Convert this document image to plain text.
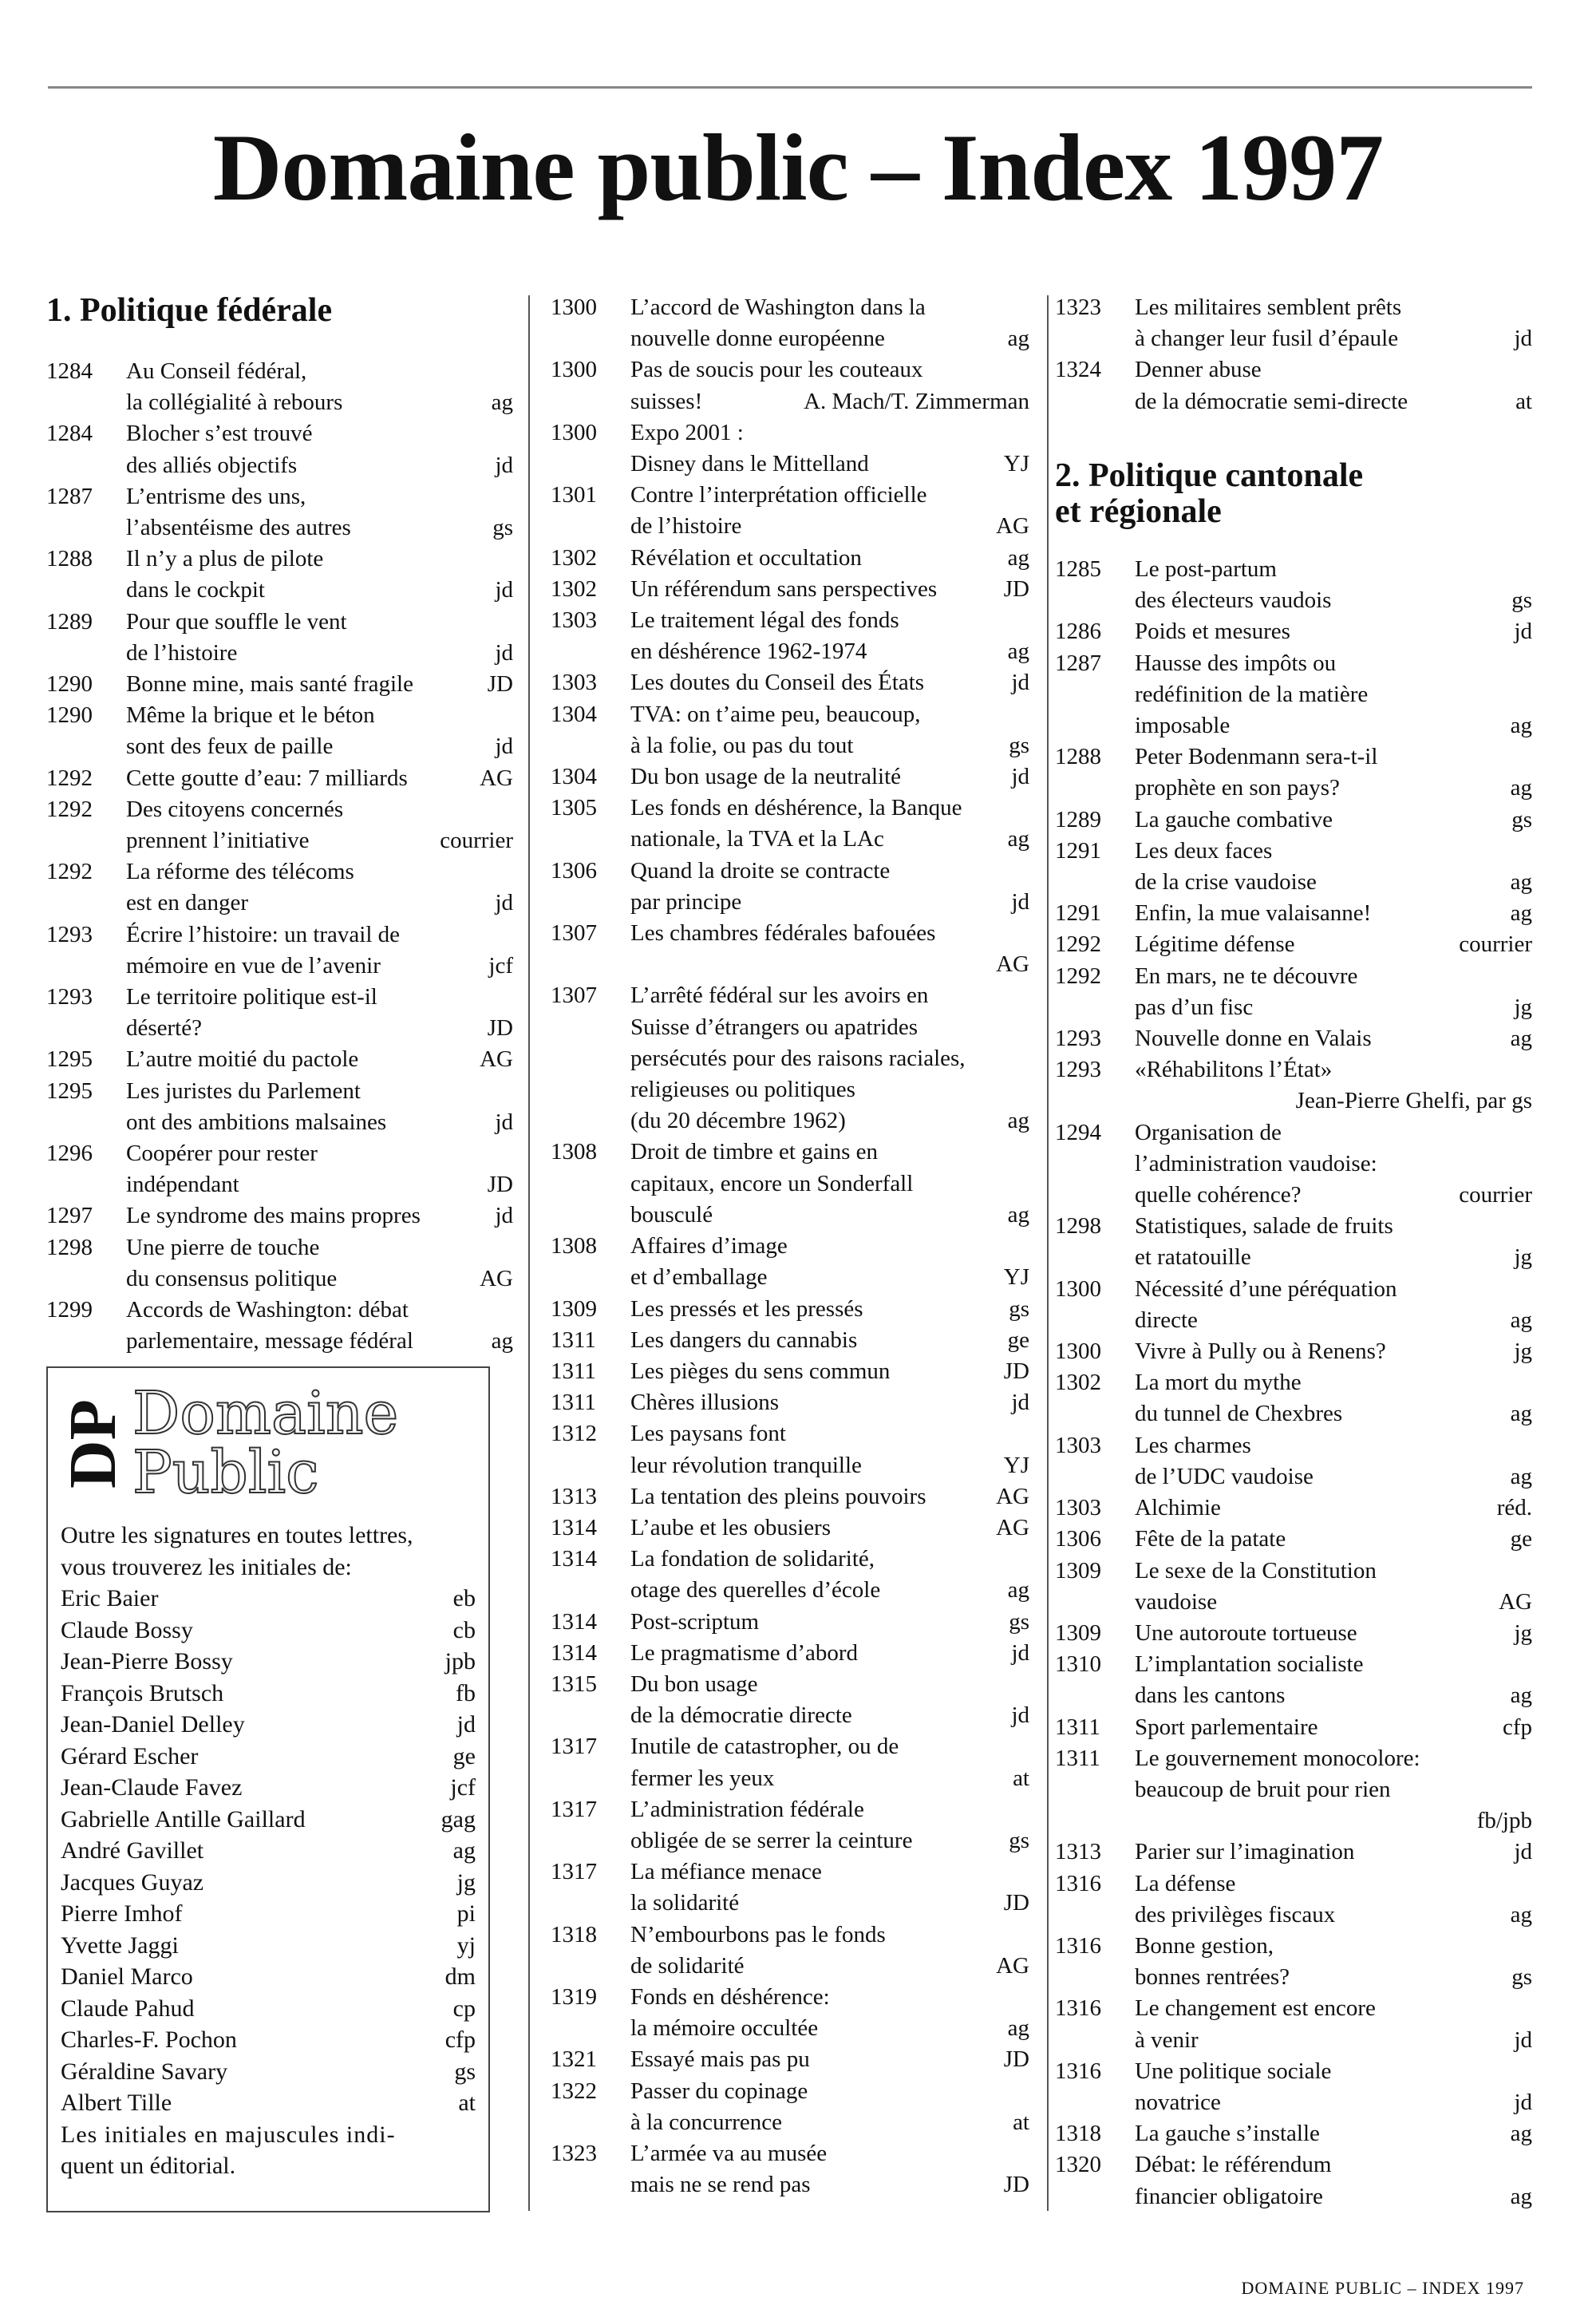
Domaine public – Index 1997
1. Politique fédérale
1284	Au Conseil fédéral,
la collégialité à rebours	ag
1284	Blocher s’est trouvé
des alliés objectifs	jd
1287	L’entrisme des uns,
l’absentéisme des autres	gs
1288	Il n’y a plus de pilote
dans le cockpit	jd
1289	Pour que souffle le vent
de l’histoire	jd
1290	Bonne mine, mais santé fragile	JD
1290	Même la brique et le béton
sont des feux de paille	jd
1292	Cette goutte d’eau: 7 milliards	AG
1292	Des citoyens concernés
prennent l’initiative	courrier
1292	La réforme des télécoms
est en danger	jd
1293	Écrire l’histoire: un travail de
mémoire en vue de l’avenir	jcf
1293	Le territoire politique est-il
déserté?	JD
1295	L’autre moitié du pactole	AG
1295	Les juristes du Parlement
ont des ambitions malsaines	jd
1296	Coopérer pour rester
indépendant	JD
1297	Le syndrome des mains propres	jd
1298	Une pierre de touche
du consensus politique	AG
1299	Accords de Washington: débat
parlementaire, message fédéral	ag
1300	L’accord de Washington dans la
nouvelle donne européenne	ag
1300	Pas de soucis pour les couteaux
suisses!	A. Mach/T. Zimmerman
1300	Expo 2001 :
Disney dans le Mittelland	YJ
1301	Contre l’interprétation officielle
de l’histoire	AG
1302	Révélation et occultation	ag
1302	Un référendum sans perspectives	JD
1303	Le traitement légal des fonds
en déshérence 1962-1974	ag
1303	Les doutes du Conseil des États	jd
1304	TVA: on t’aime peu, beaucoup,
à la folie, ou pas du tout	gs
1304	Du bon usage de la neutralité	jd
1305	Les fonds en déshérence, la Banque
nationale, la TVA et la LAc	ag
1306	Quand la droite se contracte
par principe	jd
1307	Les chambres fédérales bafouées
AG
1307	L’arrêté fédéral sur les avoirs en
Suisse d’étrangers ou apatrides
persécutés pour des raisons raciales,
religieuses ou politiques
(du 20 décembre 1962)	ag
1308	Droit de timbre et gains en
capitaux, encore un Sonderfall
bousculé	ag
1308	Affaires d’image
et d’emballage	YJ
1309	Les pressés et les pressés	gs
1311	Les dangers du cannabis	ge
1311	Les pièges du sens commun	JD
1311	Chères illusions	jd
1312	Les paysans font
leur révolution tranquille	YJ
1313	La tentation des pleins pouvoirs	AG
1314	L’aube et les obusiers	AG
1314	La fondation de solidarité,
otage des querelles d’école	ag
1314	Post-scriptum	gs
1314	Le pragmatisme d’abord	jd
1315	Du bon usage
de la démocratie directe	jd
1317	Inutile de catastropher, ou de
fermer les yeux	at
1317	L’administration fédérale
obligée de se serrer la ceinture	gs
1317	La méfiance menace
la solidarité	JD
1318	N’embourbons pas le fonds
de solidarité	AG
1319	Fonds en déshérence:
la mémoire occultée	ag
1321	Essayé mais pas pu	JD
1322	Passer du copinage
à la concurrence	at
1323	L’armée va au musée
mais ne se rend pas	JD
1323	Les militaires semblent prêts
à changer leur fusil d’épaule	jd
1324	Denner abuse
de la démocratie semi-directe	at
2. Politique cantonale
et régionale
1285	Le post-partum
des électeurs vaudois	gs
1286	Poids et mesures	jd
1287	Hausse des impôts ou
redéfinition de la matière
imposable	ag
1288	Peter Bodenmann sera-t-il
prophète en son pays?	ag
1289	La gauche combative	gs
1291	Les deux faces
de la crise vaudoise	ag
1291	Enfin, la mue valaisanne!	ag
1292	Légitime défense	courrier
1292	En mars, ne te découvre
pas d’un fisc	jg
1293	Nouvelle donne en Valais	ag
1293	«Réhabilitons l’État»
Jean-Pierre Ghelfi, par gs
1294	Organisation de
l’administration vaudoise:
quelle cohérence?	courrier
1298	Statistiques, salade de fruits
et ratatouille	jg
1300	Nécessité d’une péréquation
directe	ag
1300	Vivre à Pully ou à Renens?	jg
1302	La mort du mythe
du tunnel de Chexbres	ag
1303	Les charmes
de l’UDC vaudoise	ag
1303	Alchimie	réd.
1306	Fête de la patate	ge
1309	Le sexe de la Constitution
vaudoise	AG
1309	Une autoroute tortueuse	jg
1310	L’implantation socialiste
dans les cantons	ag
1311	Sport parlementaire	cfp
1311	Le gouvernement monocolore:
beaucoup de bruit pour rien
fb/jpb
1313	Parier sur l’imagination	jd
1316	La défense
des privilèges fiscaux	ag
1316	Bonne gestion,
bonnes rentrées?	gs
1316	Le changement est encore
à venir	jd
1316	Une politique sociale
novatrice	jd
1318	La gauche s’installe	ag
1320	Débat: le référendum
financier obligatoire	ag
DP Domaine
Public
Outre les signatures en toutes lettres,
vous trouverez les initiales de:
Eric Baier	eb
Claude Bossy	cb
Jean-Pierre Bossy	jpb
François Brutsch	fb
Jean-Daniel Delley	jd
Gérard Escher	ge
Jean-Claude Favez	jcf
Gabrielle Antille Gaillard	gag
André Gavillet	ag
Jacques Guyaz	jg
Pierre Imhof	pi
Yvette Jaggi	yj
Daniel Marco	dm
Claude Pahud	cp
Charles-F. Pochon	cfp
Géraldine Savary	gs
Albert Tille	at
Les initiales en majuscules indi-
quent un éditorial.
DOMAINE PUBLIC – INDEX 1997
